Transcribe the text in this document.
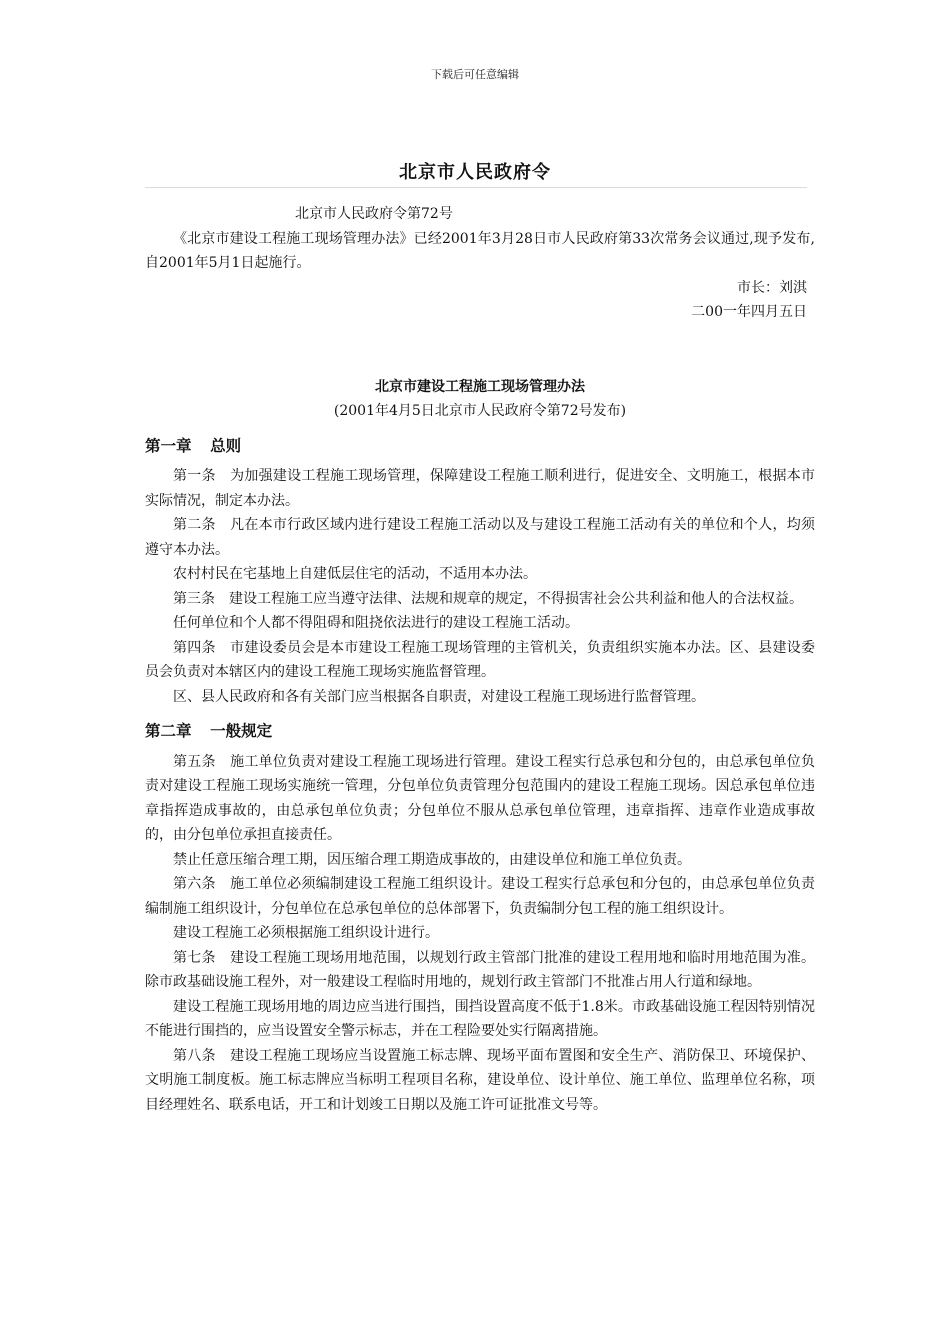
下载后可任意编辑
北京市人民政府令

北京市人民政府令第72号

《北京市建设工程施工现场管理办法》已经2001年3月28日市人民政府第33次常务会议通过,现予发布,自2001年5月1日起施行。

市长：刘淇

二00一年四月五日

北京市建设工程施工现场管理办法

(2001年4月5日北京市人民政府令第72号发布)

第一章 总则

第一条　为加强建设工程施工现场管理，保障建设工程施工顺利进行，促进安全、文明施工，根据本市实际情况，制定本办法。

第二条　凡在本市行政区域内进行建设工程施工活动以及与建设工程施工活动有关的单位和个人，均须遵守本办法。

农村村民在宅基地上自建低层住宅的活动，不适用本办法。

第三条　建设工程施工应当遵守法律、法规和规章的规定，不得损害社会公共利益和他人的合法权益。

任何单位和个人都不得阻碍和阻挠依法进行的建设工程施工活动。

第四条　市建设委员会是本市建设工程施工现场管理的主管机关，负责组织实施本办法。区、县建设委员会负责对本辖区内的建设工程施工现场实施监督管理。

区、县人民政府和各有关部门应当根据各自职责，对建设工程施工现场进行监督管理。

第二章 一般规定

第五条　施工单位负责对建设工程施工现场进行管理。建设工程实行总承包和分包的，由总承包单位负责对建设工程施工现场实施统一管理，分包单位负责管理分包范围内的建设工程施工现场。因总承包单位违章指挥造成事故的，由总承包单位负责；分包单位不服从总承包单位管理，违章指挥、违章作业造成事故的，由分包单位承担直接责任。

禁止任意压缩合理工期，因压缩合理工期造成事故的，由建设单位和施工单位负责。

第六条　施工单位必须编制建设工程施工组织设计。建设工程实行总承包和分包的，由总承包单位负责编制施工组织设计，分包单位在总承包单位的总体部署下，负责编制分包工程的施工组织设计。

建设工程施工必须根据施工组织设计进行。

第七条　建设工程施工现场用地范围，以规划行政主管部门批准的建设工程用地和临时用地范围为准。除市政基础设施工程外，对一般建设工程临时用地的，规划行政主管部门不批准占用人行道和绿地。

建设工程施工现场用地的周边应当进行围挡，围挡设置高度不低于1.8米。市政基础设施工程因特别情况不能进行围挡的，应当设置安全警示标志，并在工程险要处实行隔离措施。

第八条　建设工程施工现场应当设置施工标志牌、现场平面布置图和安全生产、消防保卫、环境保护、文明施工制度板。施工标志牌应当标明工程项目名称，建设单位、设计单位、施工单位、监理单位名称，项目经理姓名、联系电话，开工和计划竣工日期以及施工许可证批准文号等。
